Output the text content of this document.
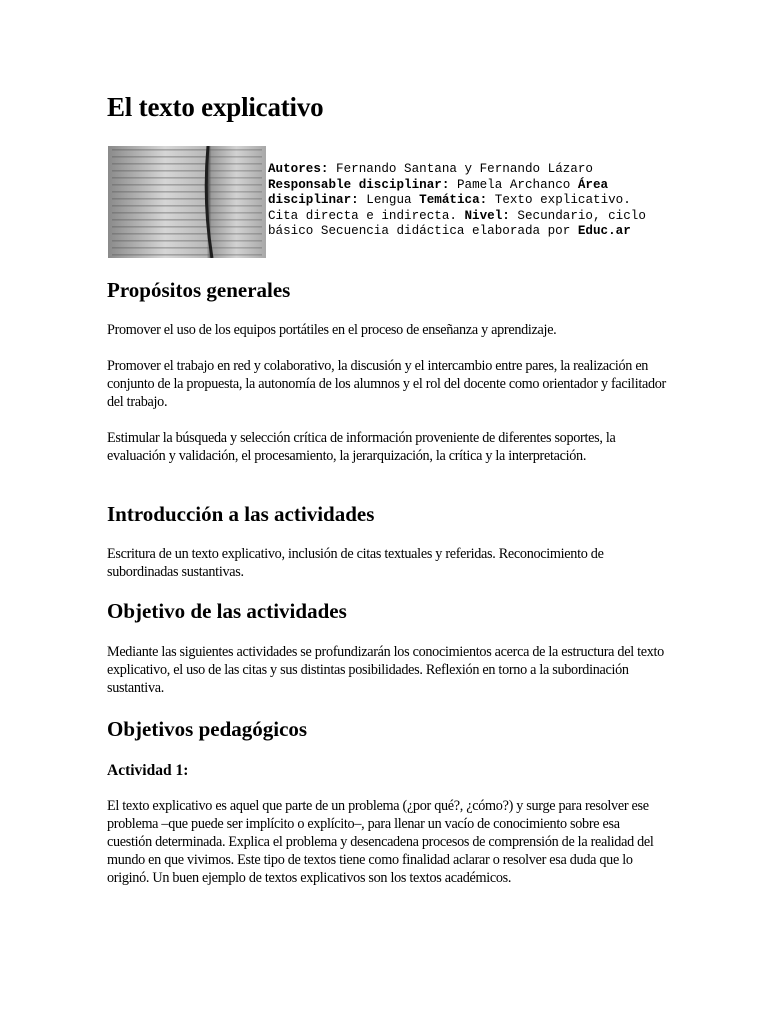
El texto explicativo
Autores: Fernando Santana y Fernando Lázaro
Responsable disciplinar: Pamela Archanco Área disciplinar: Lengua Temática: Texto explicativo. Cita directa e indirecta. Nivel: Secundario, ciclo básico Secuencia didáctica elaborada por Educ.ar
Propósitos generales

Promover el uso de los equipos portátiles en el proceso de enseñanza y aprendizaje.

Promover el trabajo en red y colaborativo, la discusión y el intercambio entre pares, la realización en conjunto de la propuesta, la autonomía de los alumnos y el rol del docente como orientador y facilitador del trabajo.

Estimular la búsqueda y selección crítica de información proveniente de diferentes soportes, la evaluación y validación, el procesamiento, la jerarquización, la crítica y la interpretación.

Introducción a las actividades

Escritura de un texto explicativo, inclusión de citas textuales y referidas. Reconocimiento de subordinadas sustantivas.

Objetivo de las actividades

Mediante las siguientes actividades se profundizarán los conocimientos acerca de la estructura del texto explicativo, el uso de las citas y sus distintas posibilidades. Reflexión en torno a la subordinación sustantiva.

Objetivos pedagógicos
Actividad 1:

El texto explicativo es aquel que parte de un problema (¿por qué?, ¿cómo?) y surge para resolver ese problema –que puede ser implícito o explícito–, para llenar un vacío de conocimiento sobre esa cuestión determinada. Explica el problema y desencadena procesos de comprensión de la realidad del mundo en que vivimos. Este tipo de textos tiene como finalidad aclarar o resolver esa duda que lo originó. Un buen ejemplo de textos explicativos son los textos académicos.
